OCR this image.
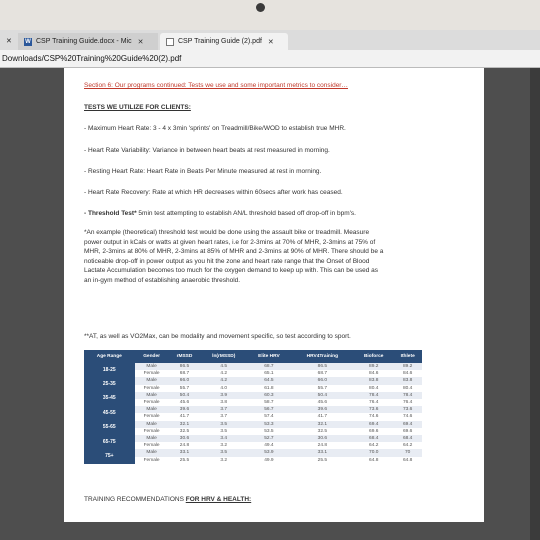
✕ W CSP Training Guide.docx - Mic ✕	CSP Training Guide (2).pdf ✕
Downloads/CSP%20Training%20Guide%20(2).pdf
Section 6: Our programs continued: Tests we use and some important metrics to consider…
TESTS WE UTILIZE FOR CLIENTS:
- Maximum Heart Rate: 3 - 4 x 3min 'sprints' on Treadmill/Bike/WOD to establish true MHR.
- Heart Rate Variability: Variance in between heart beats at rest measured in morning.
- Resting Heart Rate: Heart Rate in Beats Per Minute measured at rest in morning.
- Heart Rate Recovery: Rate at which HR decreases within 60secs after work has ceased.
- Threshold Test* 5min test attempting to establish AN/L threshold based off drop-off in bpm's.
*An example (theoretical) threshold test would be done using the assault bike or treadmill. Measure
power output in kCals or watts at given heart rates, i.e for 2-3mins at 70% of MHR, 2-3mins at 75% of
MHR, 2-3mins at 80% of MHR, 2-3mins at 85% of MHR and 2-3mins at 90% of MHR. There should be a
noticeable drop-off in power output as you hit the zone and heart rate range that the Onset of Blood
Lactate Accumulation becomes too much for the oxygen demand to keep up with. This can be used as
an in-gym method of establishing anaerobic threshold.
**AT, as well as VO2Max, can be modality and movement specific, so test according to sport.
Age Range	Gender	rMSSD	ln(rMSSD)	Elite HRV	HRV4Training	Bioforce	Ithlete
18-25	Male	86.5	4.5	68.7	86.5	89.2	89.2
	Female	68.7	4.2	65.1	68.7	84.6	84.6
25-35	Male	66.0	4.2	64.5	66.0	83.8	83.8
	Female	55.7	4.0	61.8	55.7	80.4	80.4
35-45	Male	50.4	3.9	60.3	50.4	78.4	78.4
	Female	45.6	3.8	58.7	45.6	76.4	76.4
45-55	Male	39.6	3.7	56.7	39.6	73.6	73.6
	Female	41.7	3.7	57.4	41.7	74.6	74.6
55-65	Male	32.1	3.5	53.3	32.1	69.4	69.4
	Female	32.5	3.5	53.5	32.5	69.6	69.6
65-75	Male	30.6	3.4	52.7	30.6	68.4	68.4
	Female	24.8	3.2	49.4	24.8	64.2	64.2
75+	Male	33.1	3.5	53.9	33.1	70.0	70
	Female	25.5	3.2	49.9	25.5	64.8	64.8
TRAINING RECOMMENDATIONS FOR HRV & HEALTH:
